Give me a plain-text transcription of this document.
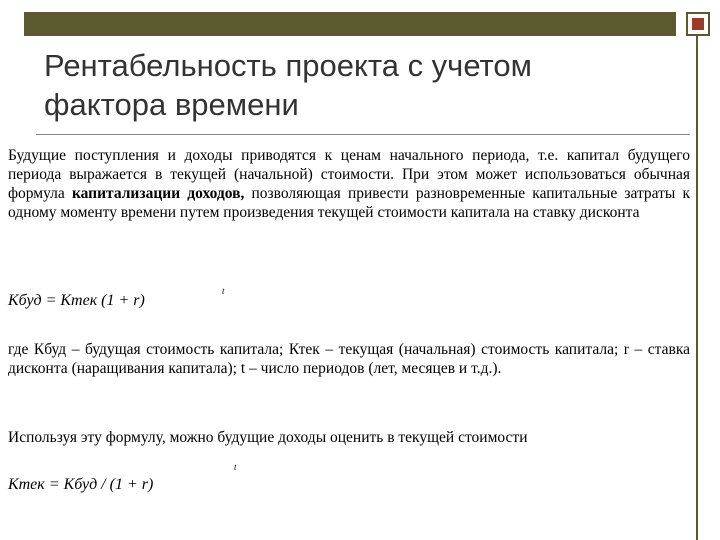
Рентабельность проекта с учетом
фактора времени

Будущие поступления и доходы приводятся к ценам начального периода, т.е. капитал будущего периода выражается в текущей (начальной) стоимости. При этом может использоваться обычная формула капитализации доходов, позволяющая привести разновременные капитальные затраты к одному моменту времени путем произведения текущей стоимости капитала на ставку дисконта

Кбуд = Ктек (1 + r)

t

где Кбуд – будущая стоимость капитала; Ктек – текущая (начальная) стоимость капитала; r – ставка дисконта (наращивания капитала); t – число периодов (лет, месяцев и т.д.).

Используя эту формулу, можно будущие доходы оценить в текущей стоимости

Ктек = Кбуд / (1 + r)

t
